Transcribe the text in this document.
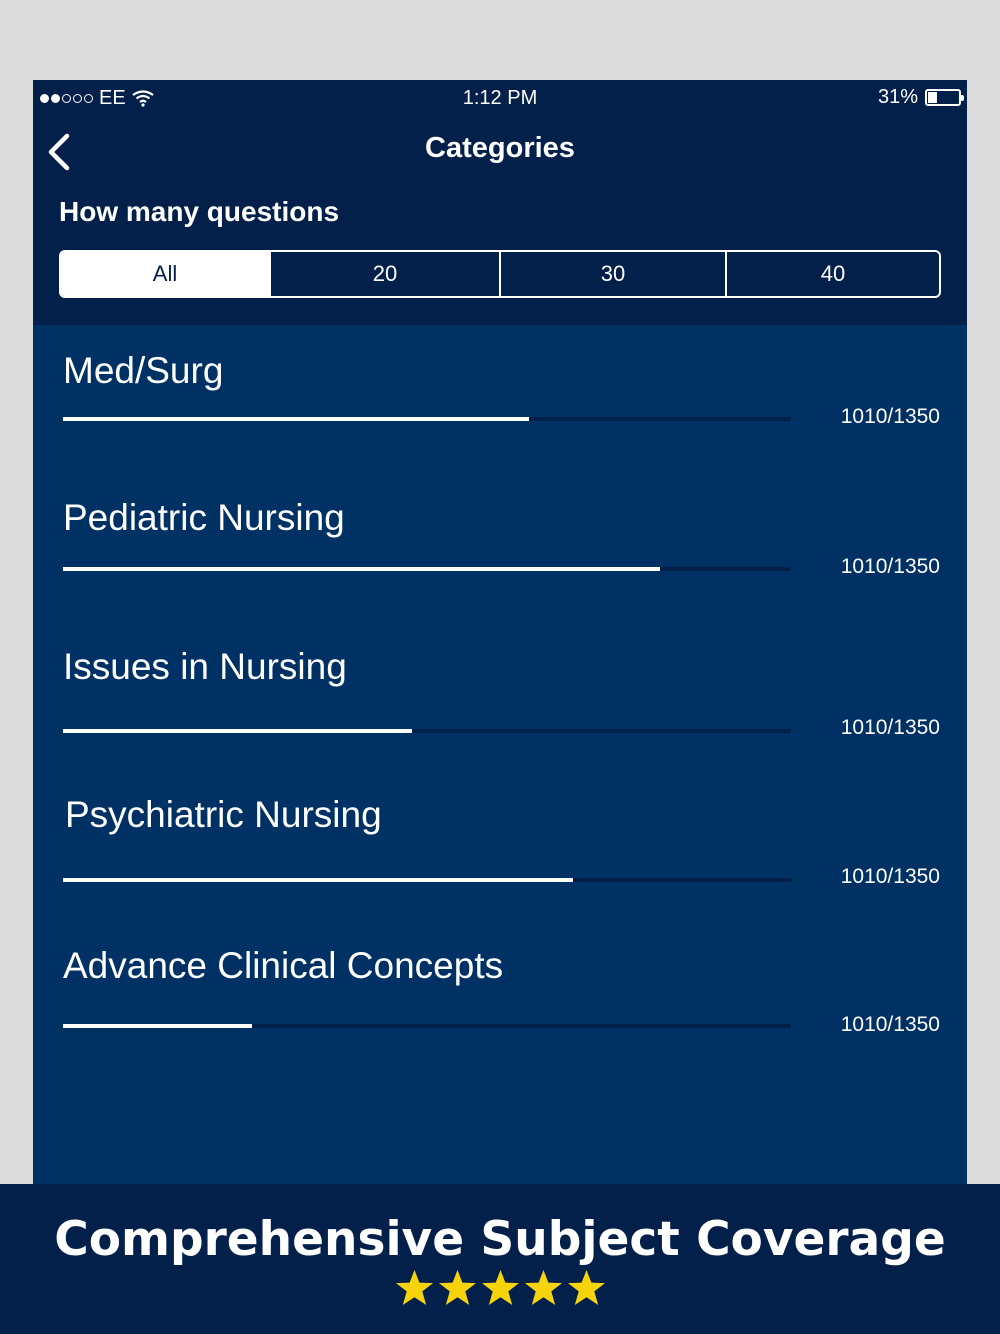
EE	1:12 PM	31%
Categories
How many questions
All	20	30	40
Med/Surg
1010/1350
Pediatric Nursing
1010/1350
Issues in Nursing
1010/1350
Psychiatric Nursing
1010/1350
Advance Clinical Concepts
1010/1350
Comprehensive Subject Coverage
